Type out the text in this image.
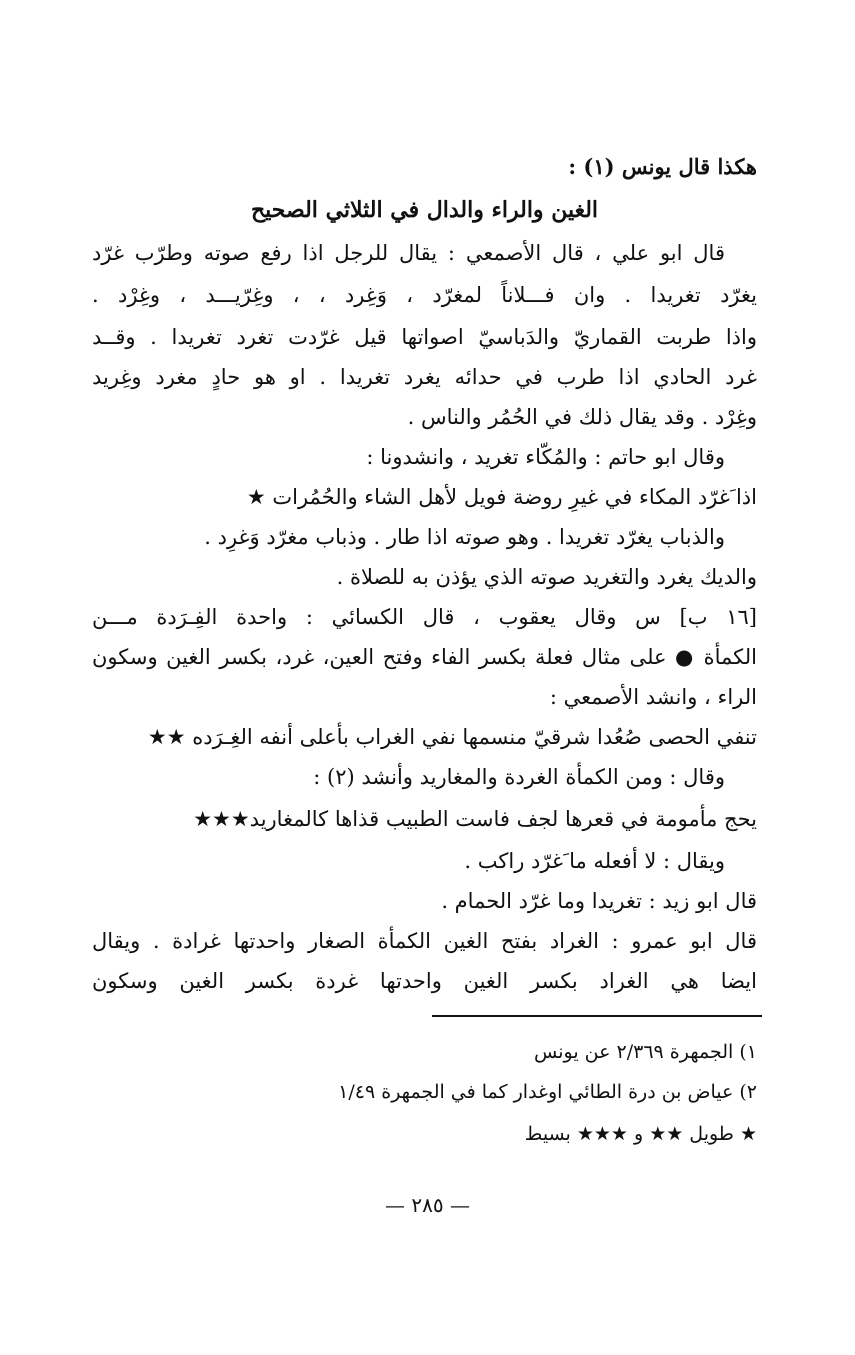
هكذا قال يونس (١) :
الغين والراء والدال في الثلاثي الصحيح
قال ابو علي ، قال الأصمعي : يقال للرجل اذا رفع صوته وطرّب غرّد
يغرّد تغريدا . وان فـــلاناً لمغرّد ، وَغِرد ، ، وغِرّيـــد ، وغِرْد .
واذا طربت القماريّ والدَباسيّ اصواتها قيل غرّدت تغرد تغريدا . وقــد
غرد الحادي اذا طرب في حدائه يغرد تغريدا . او هو حادٍ مغرد وغِريد
وغِرْد . وقد يقال ذلك في الحُمُر والناس .
وقال ابو حاتم : والمُكّاء تغريد ، وانشدونا :
اذا َغرّد المكاء في غيرِ روضة فويل لأهل الشاء والحُمُرات ★
والذباب يغرّد تغريدا . وهو صوته اذا طار . وذباب مغرّد وَغرِد .
والديك يغرد والتغريد صوته الذي يؤذن به للصلاة .
[١٦ ب] س وقال يعقوب ، قال الكسائي : واحدة الفِـرَدة مـــن
الكمأة ● على مثال فعلة بكسر الفاء وفتح العين، غرد، بكسر الغين وسكون
الراء ، وانشد الأصمعي :
تنفي الحصى صُعُدا شرقيّ منسمها نفي الغراب بأعلى أنفه الغِـرَده ★★
وقال : ومن الكمأة الغردة والمغاريد وأنشد (٢) :
يحج مأمومة في قعرها لجف فاست الطبيب قذاها كالمغاريد★★★
ويقال : لا أفعله ما َغرّد راكب .
قال ابو زيد : تغريدا وما غرّد الحمام .
قال ابو عمرو : الغراد بفتح الغين الكمأة الصغار واحدتها غرادة . ويقال
ايضا هي الغراد بكسر الغين واحدتها غردة بكسر الغين وسكون
١) الجمهرة ٢/٣٦٩ عن يونس
٢) عياض بن درة الطائي اوغدار كما في الجمهرة ١/٤٩
★ طويل ★★ و ★★★ بسيط
— ٢٨٥ —
